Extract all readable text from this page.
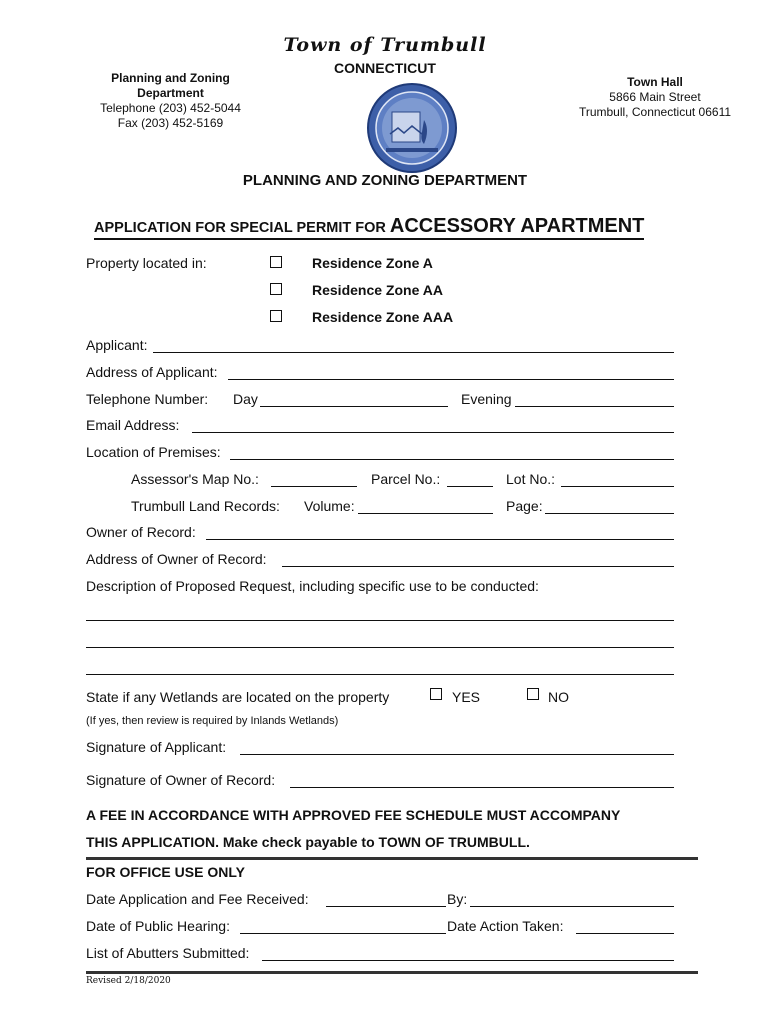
Town of Trumbull
CONNECTICUT
Planning and Zoning
Department
Telephone (203) 452-5044
Fax (203) 452-5169
Town Hall
5866 Main Street
Trumbull, Connecticut 06611
PLANNING AND ZONING DEPARTMENT
APPLICATION FOR SPECIAL PERMIT FOR ACCESSORY APARTMENT
Property located in:	Residence Zone A
Residence Zone AA
Residence Zone AAA
Applicant:
Address of Applicant:
Telephone Number: Day	Evening
Email Address:
Location of Premises:
Assessor's Map No.:	Parcel No.:	Lot No.:
Trumbull Land Records: Volume:	Page:
Owner of Record:
Address of Owner of Record:
Description of Proposed Request, including specific use to be conducted:
State if any Wetlands are located on the property	YES	NO
(If yes, then review is required by Inlands Wetlands)
Signature of Applicant:
Signature of Owner of Record:
A FEE IN ACCORDANCE WITH APPROVED FEE SCHEDULE MUST ACCOMPANY
THIS APPLICATION. Make check payable to TOWN OF TRUMBULL.
FOR OFFICE USE ONLY
Date Application and Fee Received:	By:
Date of Public Hearing:	Date Action Taken:
List of Abutters Submitted:
Revised 2/18/2020
